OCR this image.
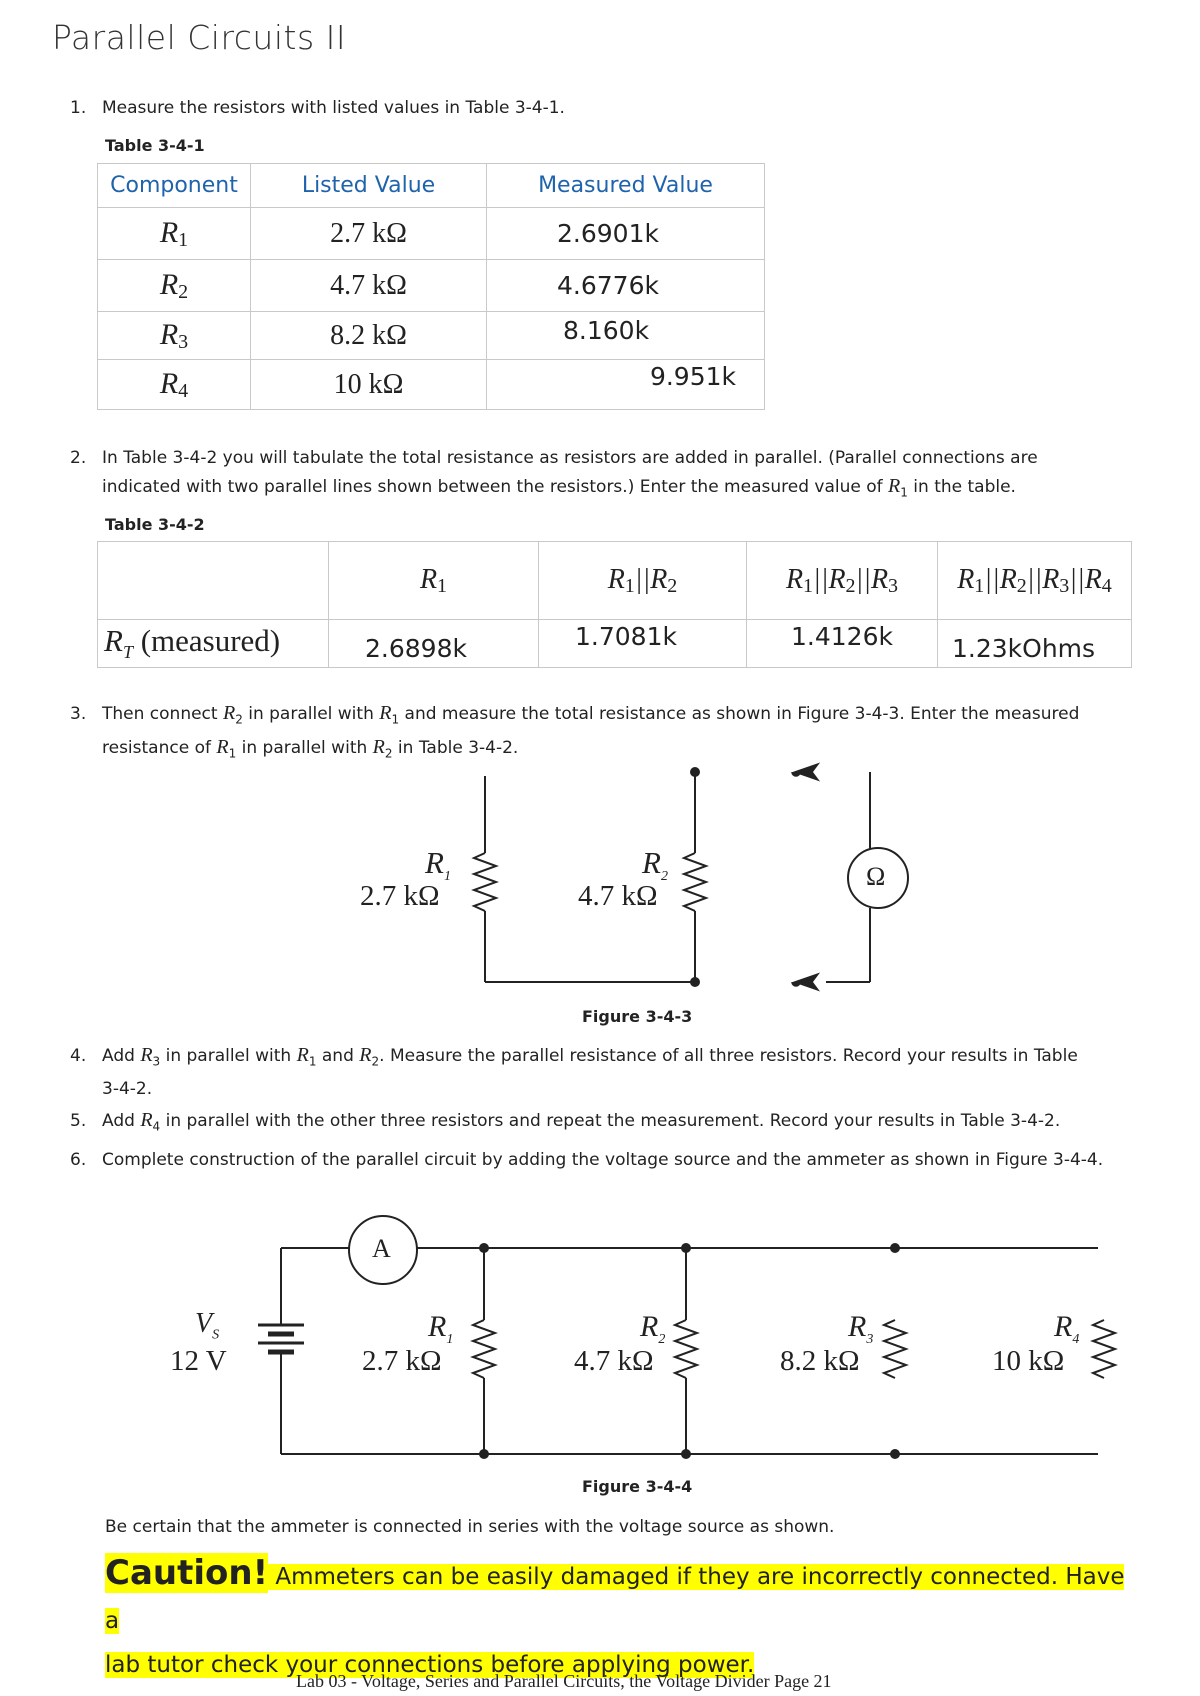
Parallel Circuits II
1. Measure the resistors with listed values in Table 3-4-1.
Table 3-4-1
Component	Listed Value	Measured Value
$R_1$	2.7 kΩ	2.6901k
$R_2$	4.7 kΩ	4.6776k
$R_3$	8.2 kΩ	8.160k
$R_4$	10 kΩ	9.951k
2. In Table 3-4-2 you will tabulate the total resistance as resistors are added in parallel. (Parallel connections are
indicated with two parallel lines shown between the resistors.) Enter the measured value of $R_1$ in the table.
Table 3-4-2
	$R_1$	$R_1||R_2$	$R_1||R_2||R_3$	$R_1||R_2||R_3||R_4$
$R_T$ (measured)	2.6898k	1.7081k	1.4126k	1.23kOhms
3. Then connect $R_2$ in parallel with $R_1$ and measure the total resistance as shown in Figure 3-4-3. Enter the measured
resistance of $R_1$ in parallel with $R_2$ in Table 3-4-2.
$R_1$
2.7 kΩ
$R_2$
4.7 kΩ
Ω
Figure 3-4-3
4. Add $R_3$ in parallel with $R_1$ and $R_2$. Measure the parallel resistance of all three resistors. Record your results in Table
3-4-2.
5. Add $R_4$ in parallel with the other three resistors and repeat the measurement. Record your results in Table 3-4-2.
6. Complete construction of the parallel circuit by adding the voltage source and the ammeter as shown in Figure 3-4-4.
A
$V_S$
12 V
$R_1$
2.7 kΩ
$R_2$
4.7 kΩ
$R_3$
8.2 kΩ
$R_4$
10 kΩ
Figure 3-4-4
Be certain that the ammeter is connected in series with the voltage source as shown.
Caution! Ammeters can be easily damaged if they are incorrectly connected. Have a
lab tutor check your connections before applying power.
Lab 03 - Voltage, Series and Parallel Circuits, the Voltage Divider Page 21
